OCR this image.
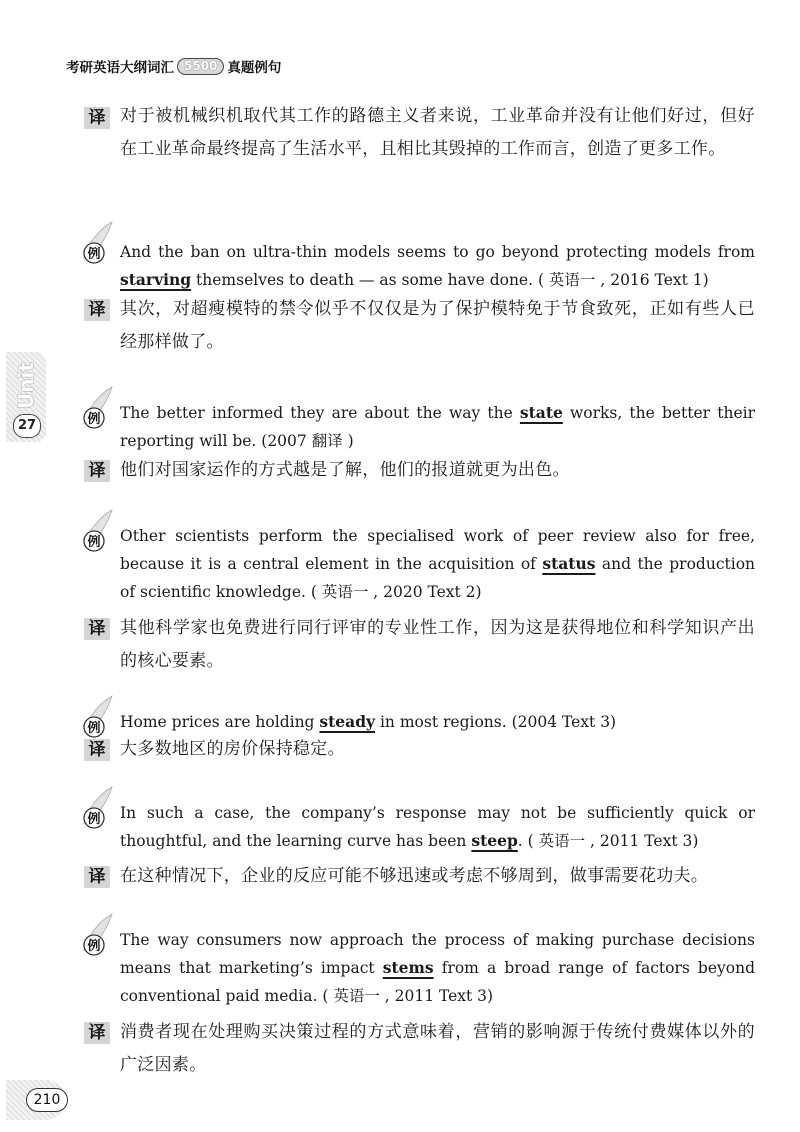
考研英语大纲词汇 5500 真题例句
Unit
27
译 对于被机械织机取代其工作的路德主义者来说，工业革命并没有让他们好过，但好在工业革命最终提高了生活水平，且相比其毁掉的工作而言，创造了更多工作。
例 And the ban on ultra-thin models seems to go beyond protecting models from starving themselves to death — as some have done. ( 英语一 , 2016 Text 1)
译 其次，对超瘦模特的禁令似乎不仅仅是为了保护模特免于节食致死，正如有些人已经那样做了。
例 The better informed they are about the way the state works, the better their reporting will be. (2007 翻译 )
译 他们对国家运作的方式越是了解，他们的报道就更为出色。
例 Other scientists perform the specialised work of peer review also for free, because it is a central element in the acquisition of status and the production of scientific knowledge. ( 英语一 , 2020 Text 2)
译 其他科学家也免费进行同行评审的专业性工作，因为这是获得地位和科学知识产出的核心要素。
例 Home prices are holding steady in most regions. (2004 Text 3)
译 大多数地区的房价保持稳定。
例 In such a case, the company’s response may not be sufficiently quick or thoughtful, and the learning curve has been steep. ( 英语一 , 2011 Text 3)
译 在这种情况下，企业的反应可能不够迅速或考虑不够周到，做事需要花功夫。
例 The way consumers now approach the process of making purchase decisions means that marketing’s impact stems from a broad range of factors beyond conventional paid media. ( 英语一 , 2011 Text 3)
译 消费者现在处理购买决策过程的方式意味着，营销的影响源于传统付费媒体以外的广泛因素。
210
